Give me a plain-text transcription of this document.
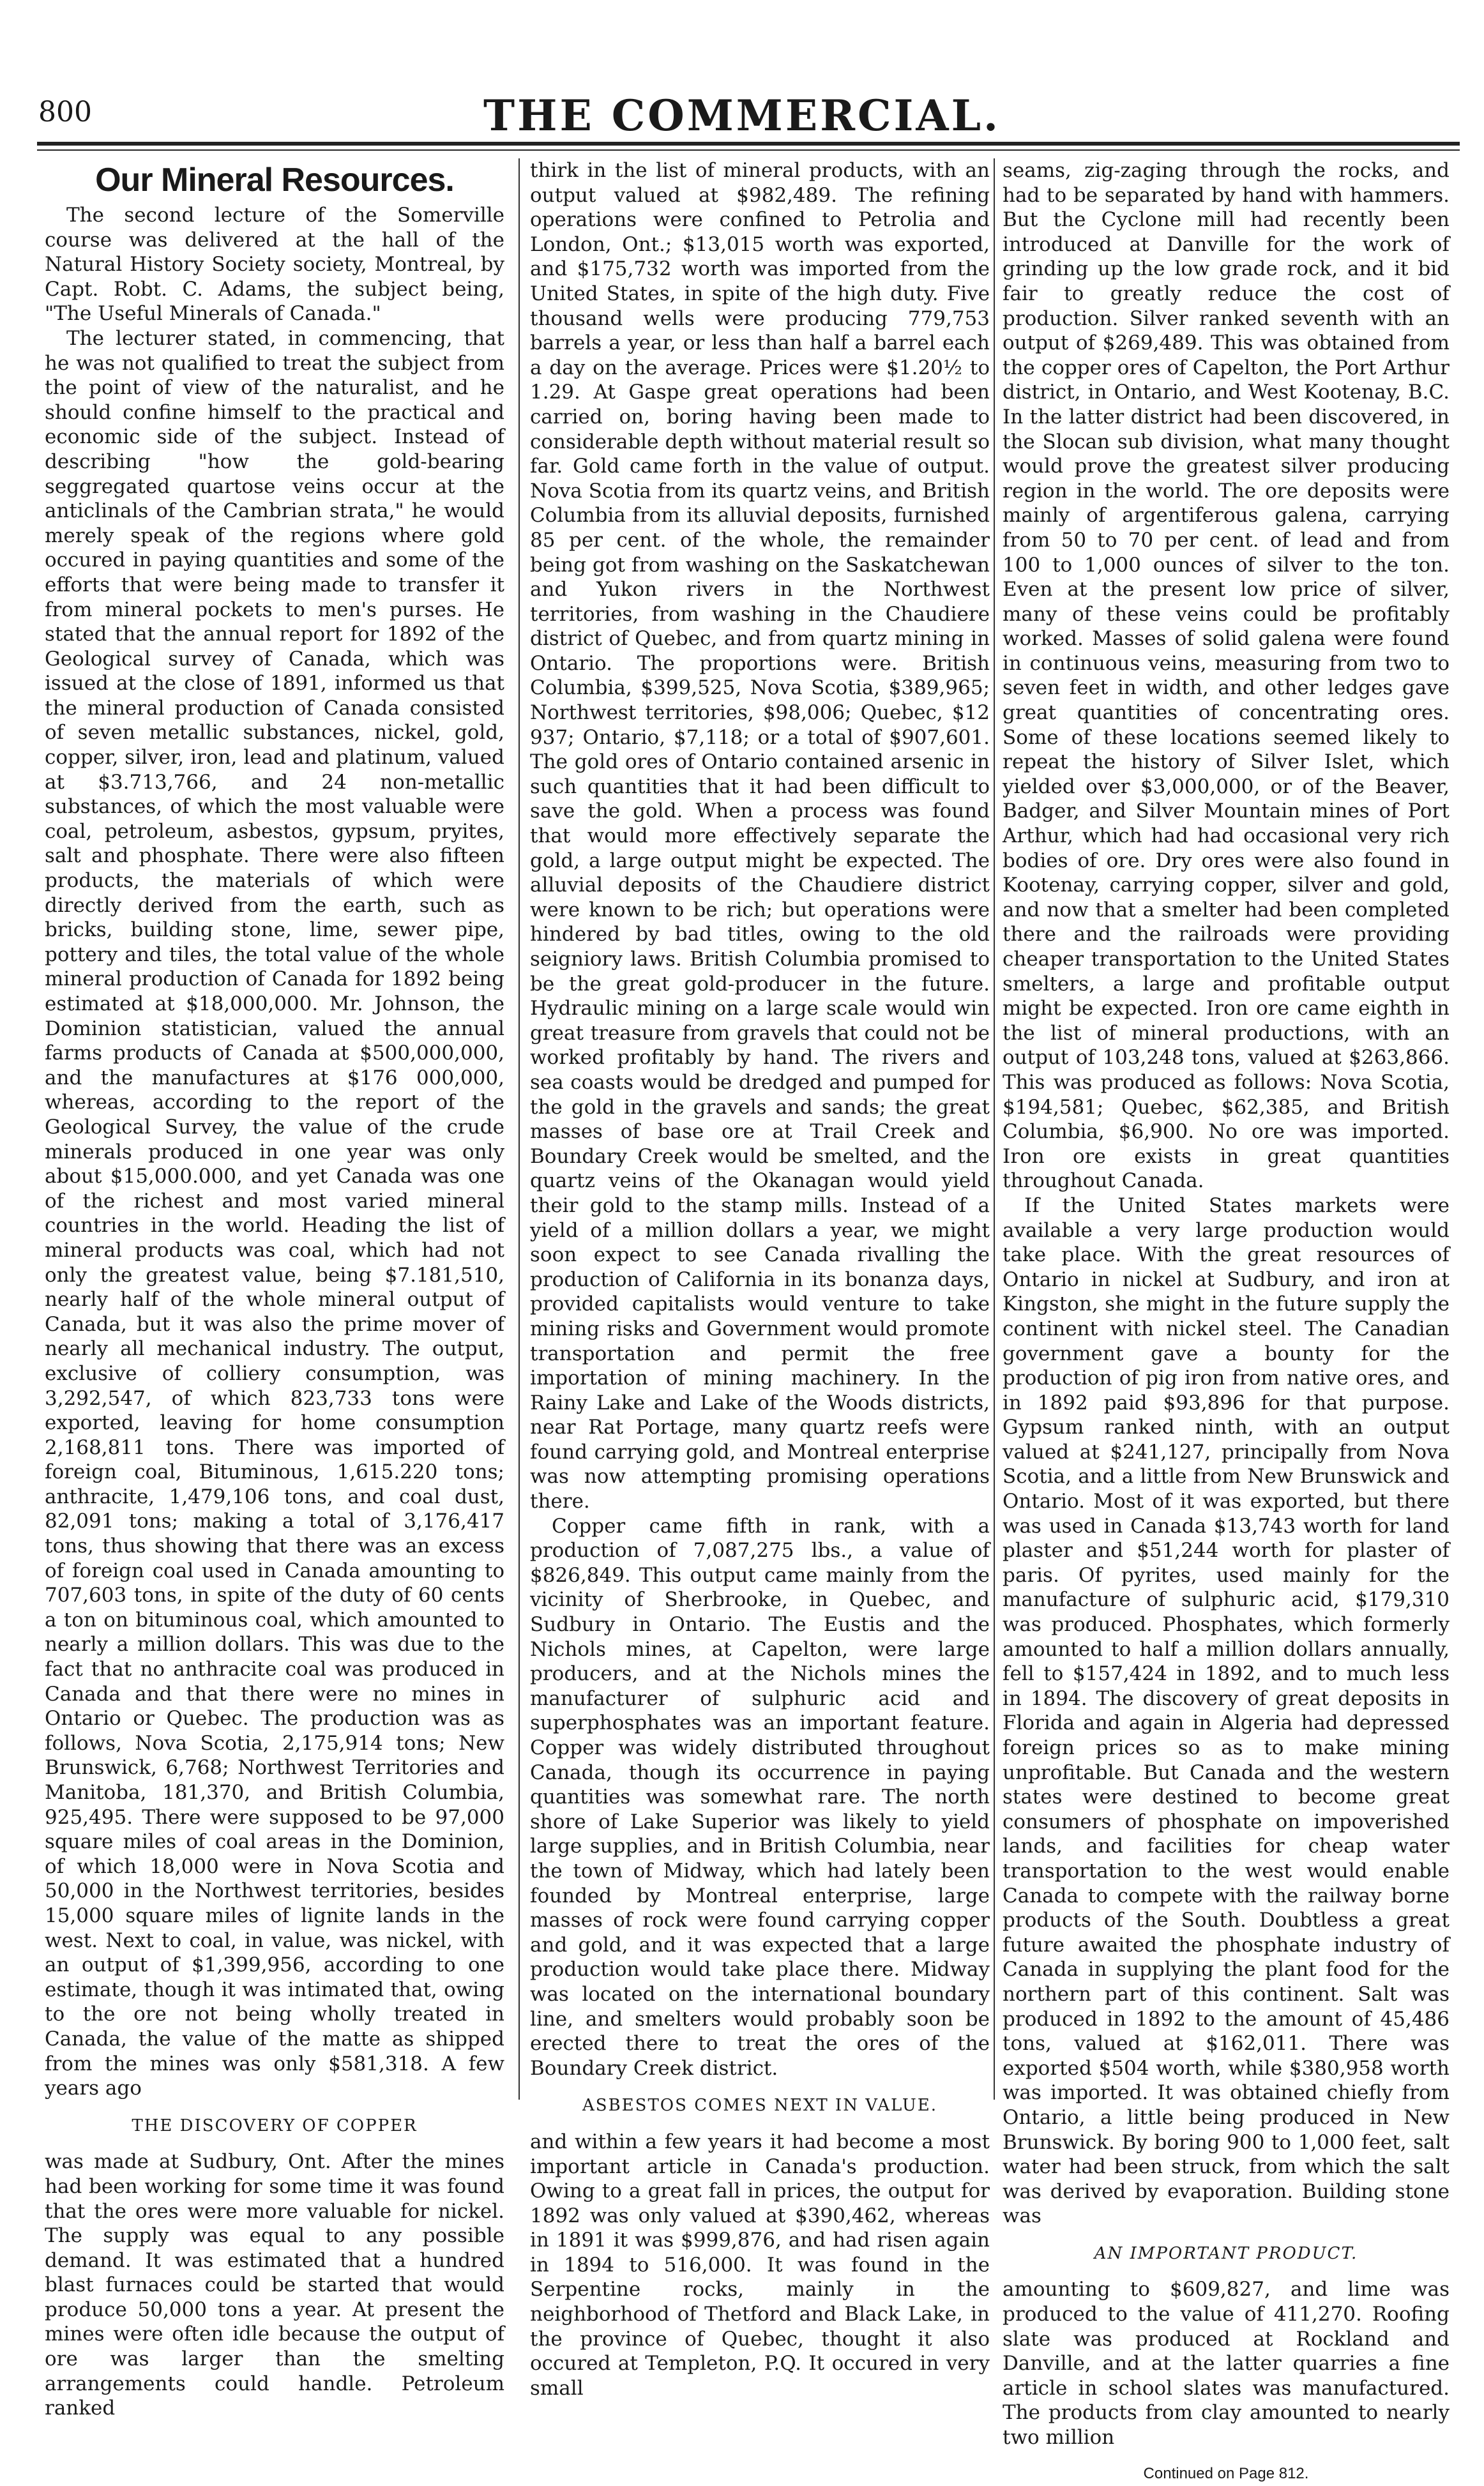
800	THE COMMERCIAL.
Our Mineral Resources.

The second lecture of the Somerville course was delivered at the hall of the Natural History Society society, Montreal, by Capt. Robt. C. Adams, the subject being, "The Useful Minerals of Canada."

The lecturer stated, in commencing, that he was not qualified to treat the subject from the point of view of the naturalist, and he should confine himself to the practical and economic side of the subject. Instead of describing "how the gold-bearing seggregated quartose veins occur at the anticlinals of the Cambrian strata," he would merely speak of the regions where gold occured in paying quantities and some of the efforts that were being made to transfer it from mineral pockets to men's purses. He stated that the annual report for 1892 of the Geological survey of Canada, which was issued at the close of 1891, informed us that the mineral production of Canada consisted of seven metallic substances, nickel, gold, copper, silver, iron, lead and platinum, valued at $3.713,766, and 24 non-metallic substances, of which the most valuable were coal, petroleum, asbestos, gypsum, pryites, salt and phosphate. There were also fifteen products, the materials of which were directly derived from the earth, such as bricks, building stone, lime, sewer pipe, pottery and tiles, the total value of the whole mineral production of Canada for 1892 being estimated at $18,000,000. Mr. Johnson, the Dominion statistician, valued the annual farms products of Canada at $500,000,000, and the manufactures at $176 000,000, whereas, according to the report of the Geological Survey, the value of the crude minerals produced in one year was only about $15,000.000, and yet Canada was one of the richest and most varied mineral countries in the world. Heading the list of mineral products was coal, which had not only the greatest value, being $7.181,510, nearly half of the whole mineral output of Canada, but it was also the prime mover of nearly all mechanical industry. The output, exclusive of colliery consumption, was 3,292,547, of which 823,733 tons were exported, leaving for home consumption 2,168,811 tons. There was imported of foreign coal, Bituminous, 1,615.220 tons; anthracite, 1,479,106 tons, and coal dust, 82,091 tons; making a total of 3,176,417 tons, thus showing that there was an excess of foreign coal used in Canada amounting to 707,603 tons, in spite of the duty of 60 cents a ton on bituminous coal, which amounted to nearly a million dollars. This was due to the fact that no anthracite coal was produced in Canada and that there were no mines in Ontario or Quebec. The production was as follows, Nova Scotia, 2,175,914 tons; New Brunswick, 6,768; Northwest Territories and Manitoba, 181,370, and British Columbia, 925,495. There were supposed to be 97,000 square miles of coal areas in the Dominion, of which 18,000 were in Nova Scotia and 50,000 in the Northwest territories, besides 15,000 square miles of lignite lands in the west. Next to coal, in value, was nickel, with an output of $1,399,956, according to one estimate, though it was intimated that, owing to the ore not being wholly treated in Canada, the value of the matte as shipped from the mines was only $581,318. A few years ago

THE DISCOVERY OF COPPER

was made at Sudbury, Ont. After the mines had been working for some time it was found that the ores were more valuable for nickel. The supply was equal to any possible demand. It was estimated that a hundred blast furnaces could be started that would produce 50,000 tons a year. At present the mines were often idle because the output of ore was larger than the smelting arrangements could handle. Petroleum ranked

thirk in the list of mineral products, with an output valued at $982,489. The refining operations were confined to Petrolia and London, Ont.; $13,015 worth was exported, and $175,732 worth was imported from the United States, in spite of the high duty. Five thousand wells were producing 779,753 barrels a year, or less than half a barrel each a day on the average. Prices were $1.20½ to 1.29. At Gaspe great operations had been carried on, boring having been made to considerable depth without material result so far. Gold came forth in the value of output. Nova Scotia from its quartz veins, and British Columbia from its alluvial deposits, furnished 85 per cent. of the whole, the remainder being got from washing on the Saskatchewan and Yukon rivers in the Northwest territories, from washing in the Chaudiere district of Quebec, and from quartz mining in Ontario. The proportions were. British Columbia, $399,525, Nova Scotia, $389,965; Northwest territories, $98,006; Quebec, $12 937; Ontario, $7,118; or a total of $907,601. The gold ores of Ontario contained arsenic in such quantities that it had been difficult to save the gold. When a process was found that would more effectively separate the gold, a large output might be expected. The alluvial deposits of the Chaudiere district were known to be rich; but operations were hindered by bad titles, owing to the old seigniory laws. British Columbia promised to be the great gold-producer in the future. Hydraulic mining on a large scale would win great treasure from gravels that could not be worked profitably by hand. The rivers and sea coasts would be dredged and pumped for the gold in the gravels and sands; the great masses of base ore at Trail Creek and Boundary Creek would be smelted, and the quartz veins of the Okanagan would yield their gold to the stamp mills. Instead of a yield of a million dollars a year, we might soon expect to see Canada rivalling the production of California in its bonanza days, provided capitalists would venture to take mining risks and Government would promote transportation and permit the free importation of mining machinery. In the Rainy Lake and Lake of the Woods districts, near Rat Portage, many quartz reefs were found carrying gold, and Montreal enterprise was now attempting promising operations there.

Copper came fifth in rank, with a production of 7,087,275 lbs., a value of $826,849. This output came mainly from the vicinity of Sherbrooke, in Quebec, and Sudbury in Ontario. The Eustis and the Nichols mines, at Capelton, were large producers, and at the Nichols mines the manufacturer of sulphuric acid and superphosphates was an important feature. Copper was widely distributed throughout Canada, though its occurrence in paying quantities was somewhat rare. The north shore of Lake Superior was likely to yield large supplies, and in British Columbia, near the town of Midway, which had lately been founded by Montreal enterprise, large masses of rock were found carrying copper and gold, and it was expected that a large production would take place there. Midway was located on the international boundary line, and smelters would probably soon be erected there to treat the ores of the Boundary Creek district.

ASBESTOS COMES NEXT IN VALUE.

and within a few years it had become a most important article in Canada's production. Owing to a great fall in prices, the output for 1892 was only valued at $390,462, whereas in 1891 it was $999,876, and had risen again in 1894 to 516,000. It was found in the Serpentine rocks, mainly in the neighborhood of Thetford and Black Lake, in the province of Quebec, thought it also occured at Templeton, P.Q. It occured in very small

seams, zig-zaging through the rocks, and had to be separated by hand with hammers. But the Cyclone mill had recently been introduced at Danville for the work of grinding up the low grade rock, and it bid fair to greatly reduce the cost of production. Silver ranked seventh with an output of $269,489. This was obtained from the copper ores of Capelton, the Port Arthur district, in Ontario, and West Kootenay, B.C. In the latter district had been discovered, in the Slocan sub division, what many thought would prove the greatest silver producing region in the world. The ore deposits were mainly of argentiferous galena, carrying from 50 to 70 per cent. of lead and from 100 to 1,000 ounces of silver to the ton. Even at the present low price of silver, many of these veins could be profitably worked. Masses of solid galena were found in continuous veins, measuring from two to seven feet in width, and other ledges gave great quantities of concentrating ores. Some of these locations seemed likely to repeat the history of Silver Islet, which yielded over $3,000,000, or of the Beaver, Badger, and Silver Mountain mines of Port Arthur, which had had occasional very rich bodies of ore. Dry ores were also found in Kootenay, carrying copper, silver and gold, and now that a smelter had been completed there and the railroads were providing cheaper transportation to the United States smelters, a large and profitable output might be expected. Iron ore came eighth in the list of mineral productions, with an output of 103,248 tons, valued at $263,866. This was produced as follows: Nova Scotia, $194,581; Quebec, $62,385, and British Columbia, $6,900. No ore was imported. Iron ore exists in great quantities throughout Canada.

If the United States markets were available a very large production would take place. With the great resources of Ontario in nickel at Sudbury, and iron at Kingston, she might in the future supply the continent with nickel steel. The Canadian government gave a bounty for the production of pig iron from native ores, and in 1892 paid $93,896 for that purpose. Gypsum ranked ninth, with an output valued at $241,127, principally from Nova Scotia, and a little from New Brunswick and Ontario. Most of it was exported, but there was used in Canada $13,743 worth for land plaster and $51,244 worth for plaster of paris. Of pyrites, used mainly for the manufacture of sulphuric acid, $179,310 was produced. Phosphates, which formerly amounted to half a million dollars annually, fell to $157,424 in 1892, and to much less in 1894. The discovery of great deposits in Florida and again in Algeria had depressed foreign prices so as to make mining unprofitable. But Canada and the western states were destined to become great consumers of phosphate on impoverished lands, and facilities for cheap water transportation to the west would enable Canada to compete with the railway borne products of the South. Doubtless a great future awaited the phosphate industry of Canada in supplying the plant food for the northern part of this continent. Salt was produced in 1892 to the amount of 45,486 tons, valued at $162,011. There was exported $504 worth, while $380,958 worth was imported. It was obtained chiefly from Ontario, a little being produced in New Brunswick. By boring 900 to 1,000 feet, salt water had been struck, from which the salt was derived by evaporation. Building stone was

AN IMPORTANT PRODUCT.

amounting to $609,827, and lime was produced to the value of 411,270. Roofing slate was produced at Rockland and Danville, and at the latter quarries a fine article in school slates was manufactured. The products from clay amounted to nearly two million

Continued on Page 812.
